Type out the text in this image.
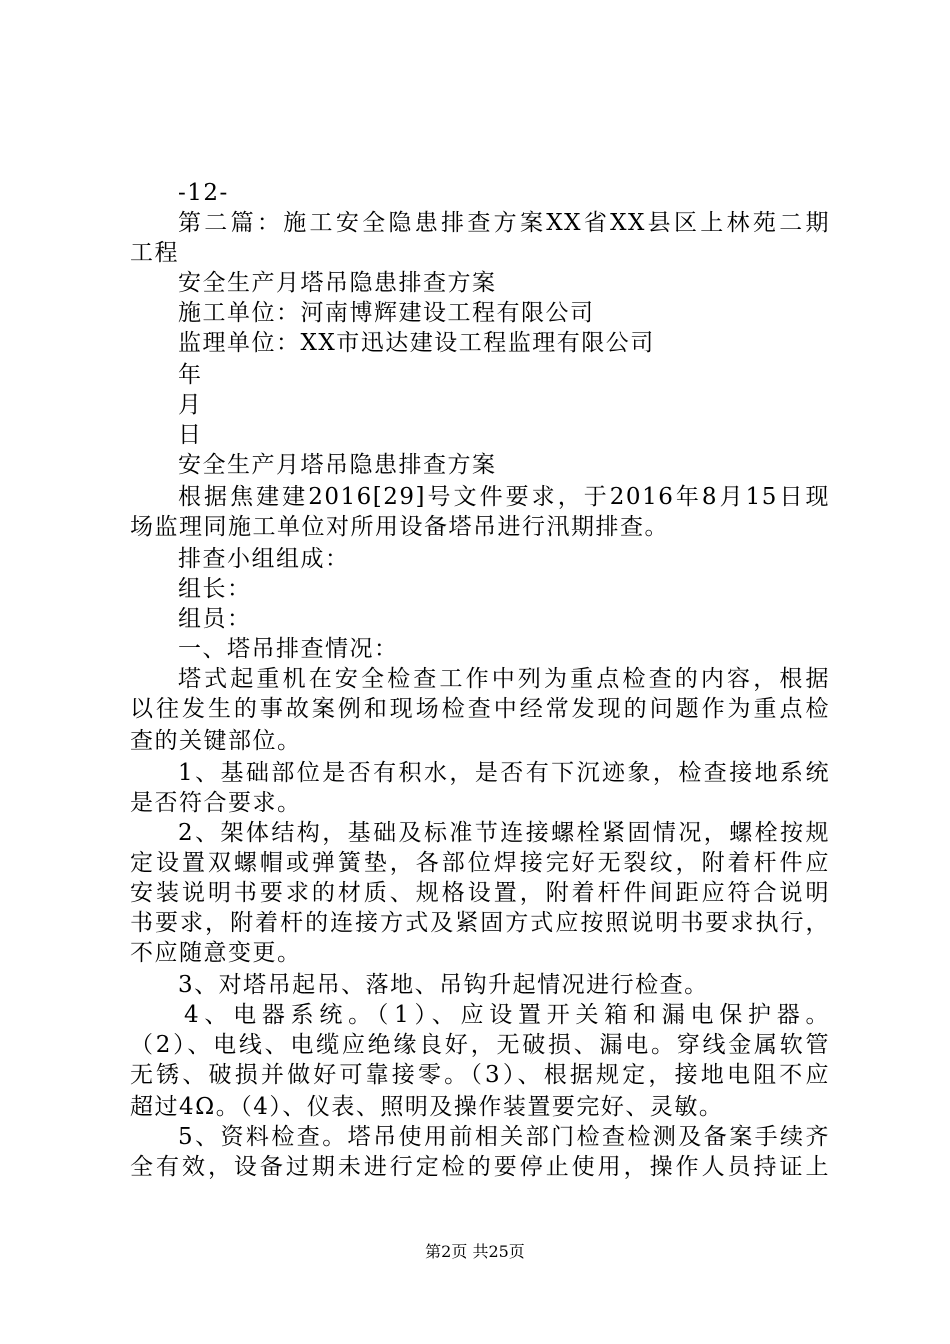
-12-
第二篇：施工安全隐患排查方案XX省XX县区上林苑二期
工程
安全生产月塔吊隐患排查方案
施工单位：河南博辉建设工程有限公司
监理单位：XX市迅达建设工程监理有限公司
年
月
日
安全生产月塔吊隐患排查方案
根据焦建建2016[29]号文件要求，于2016年8月15日现
场监理同施工单位对所用设备塔吊进行汛期排查。
排查小组组成：
组长：
组员：
一、塔吊排查情况：
塔式起重机在安全检查工作中列为重点检查的内容，根据
以往发生的事故案例和现场检查中经常发现的问题作为重点检
查的关键部位。
1、基础部位是否有积水，是否有下沉迹象，检查接地系统
是否符合要求。
2、架体结构，基础及标准节连接螺栓紧固情况，螺栓按规
定设置双螺帽或弹簧垫，各部位焊接完好无裂纹，附着杆件应
安装说明书要求的材质、规格设置，附着杆件间距应符合说明
书要求，附着杆的连接方式及紧固方式应按照说明书要求执行，
不应随意变更。
3、对塔吊起吊、落地、吊钩升起情况进行检查。
4、电器系统。（1）、应设置开关箱和漏电保护器。
（2）、电线、电缆应绝缘良好，无破损、漏电。穿线金属软管
无锈、破损并做好可靠接零。（3）、根据规定，接地电阻不应
超过4Ω。（4）、仪表、照明及操作装置要完好、灵敏。
5、资料检查。塔吊使用前相关部门检查检测及备案手续齐
全有效，设备过期未进行定检的要停止使用，操作人员持证上
第2页 共25页
